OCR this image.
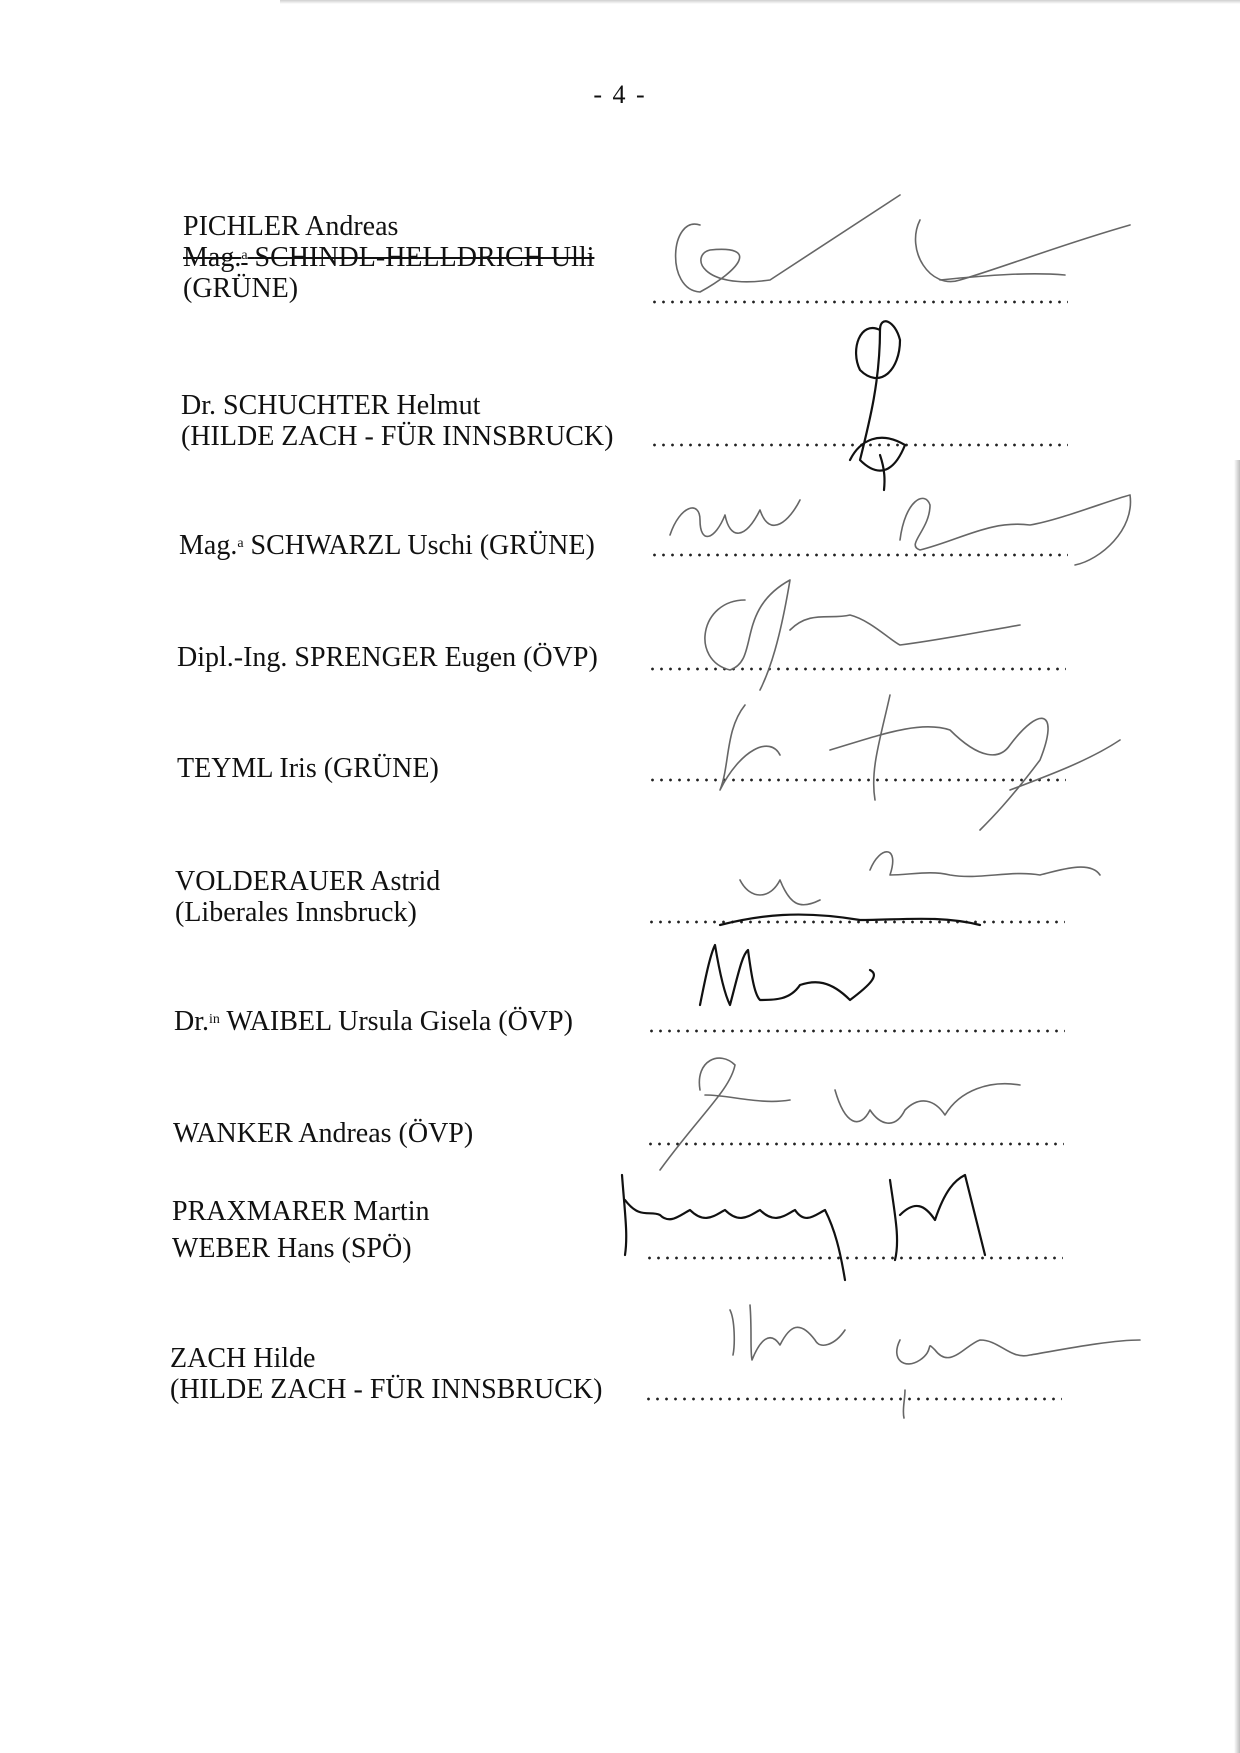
- 4 -
PICHLER Andreas
Mag.$^a$ SCHINDL-HELLDRICH Ulli
(GRÜNE)
Dr. SCHUCHTER Helmut
(HILDE ZACH - FÜR INNSBRUCK)
Mag.$^a$ SCHWARZL Uschi (GRÜNE)
Dipl.-Ing. SPRENGER Eugen (ÖVP)
TEYML Iris (GRÜNE)
VOLDERAUER Astrid
(Liberales Innsbruck)
Dr.$^{in}$ WAIBEL Ursula Gisela (ÖVP)
WANKER Andreas (ÖVP)
PRAXMARER Martin
WEBER Hans (SPÖ)
ZACH Hilde
(HILDE ZACH - FÜR INNSBRUCK)
